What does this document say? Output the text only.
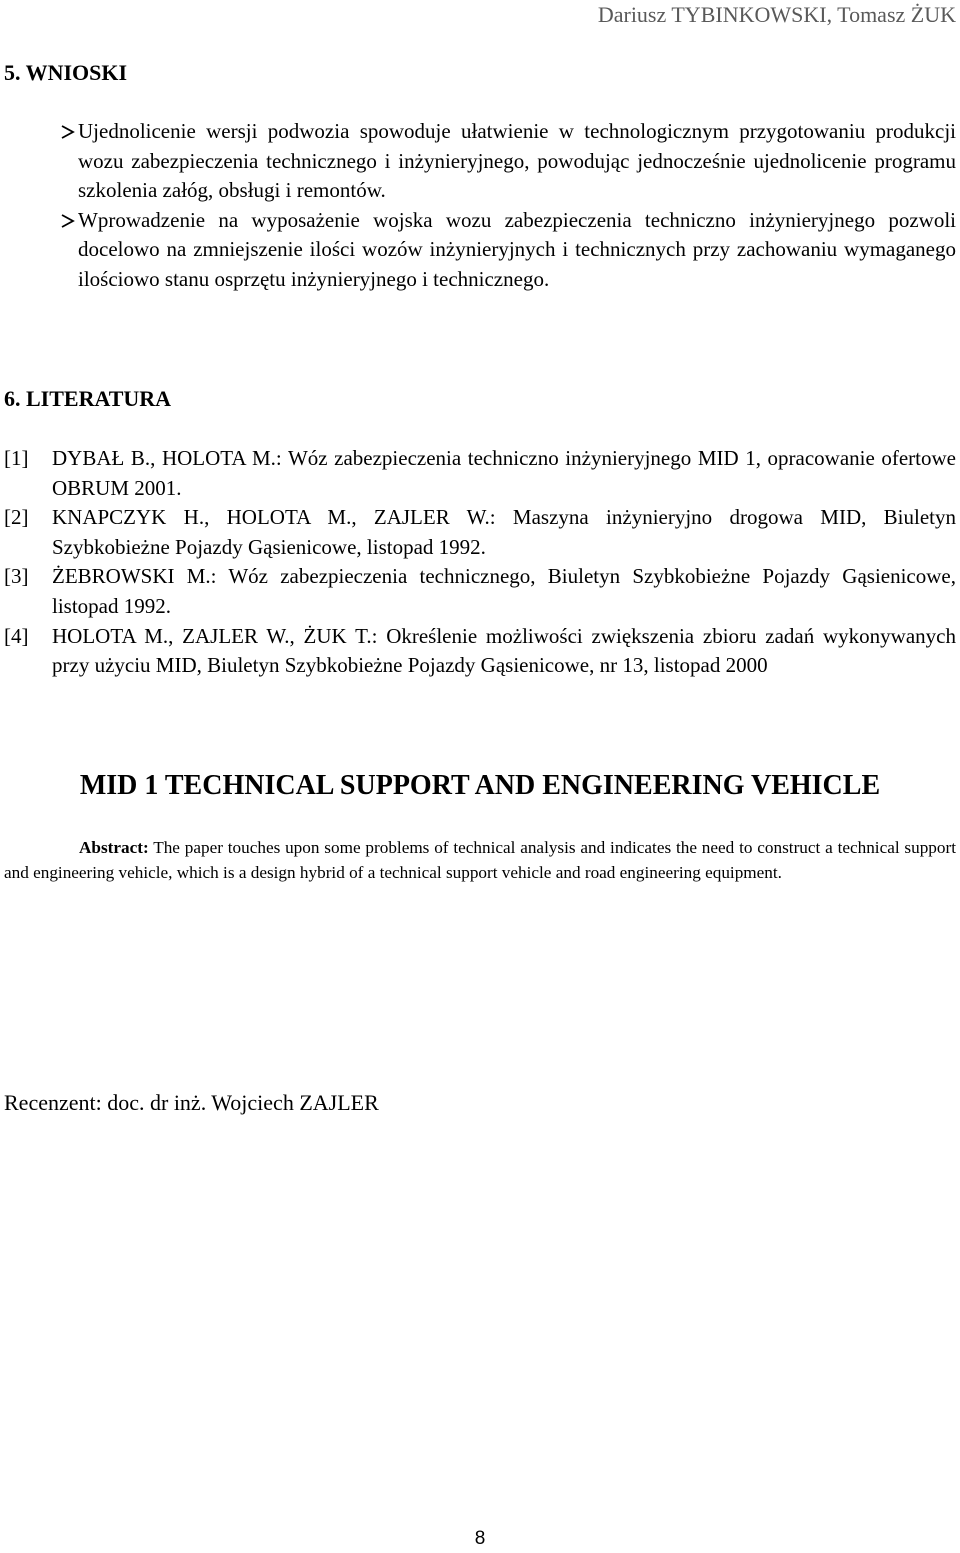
Dariusz TYBINKOWSKI, Tomasz ŻUK
5. WNIOSKI

Ujednolicenie wersji podwozia spowoduje ułatwienie w technologicznym przygotowaniu produkcji wozu zabezpieczenia technicznego i inżynieryjnego, powodując jednocześnie ujednolicenie programu szkolenia załóg, obsługi i remontów.

Wprowadzenie na wyposażenie wojska wozu zabezpieczenia techniczno inżynieryjnego pozwoli docelowo na zmniejszenie ilości wozów inżynieryjnych i technicznych przy zachowaniu wymaganego ilościowo stanu osprzętu inżynieryjnego i technicznego.

6. LITERATURA
[1] DYBAŁ B., HOLOTA M.: Wóz zabezpieczenia techniczno inżynieryjnego MID 1, opracowanie ofertowe OBRUM 2001.

[2] KNAPCZYK H., HOLOTA M., ZAJLER W.: Maszyna inżynieryjno drogowa MID, Biuletyn Szybkobieżne Pojazdy Gąsienicowe, listopad 1992.

[3] ŻEBROWSKI M.: Wóz zabezpieczenia technicznego, Biuletyn Szybkobieżne Pojazdy Gąsienicowe, listopad 1992.

[4] HOLOTA M., ZAJLER W., ŻUK T.: Określenie możliwości zwiększenia zbioru zadań wykonywanych przy użyciu MID, Biuletyn Szybkobieżne Pojazdy Gąsienicowe, nr 13, listopad 2000

MID 1 TECHNICAL SUPPORT AND ENGINEERING VEHICLE
Abstract: The paper touches upon some problems of technical analysis and indicates the need to construct a technical support and engineering vehicle, which is a design hybrid of a technical support vehicle and road engineering equipment.
Recenzent: doc. dr inż. Wojciech ZAJLER
8
